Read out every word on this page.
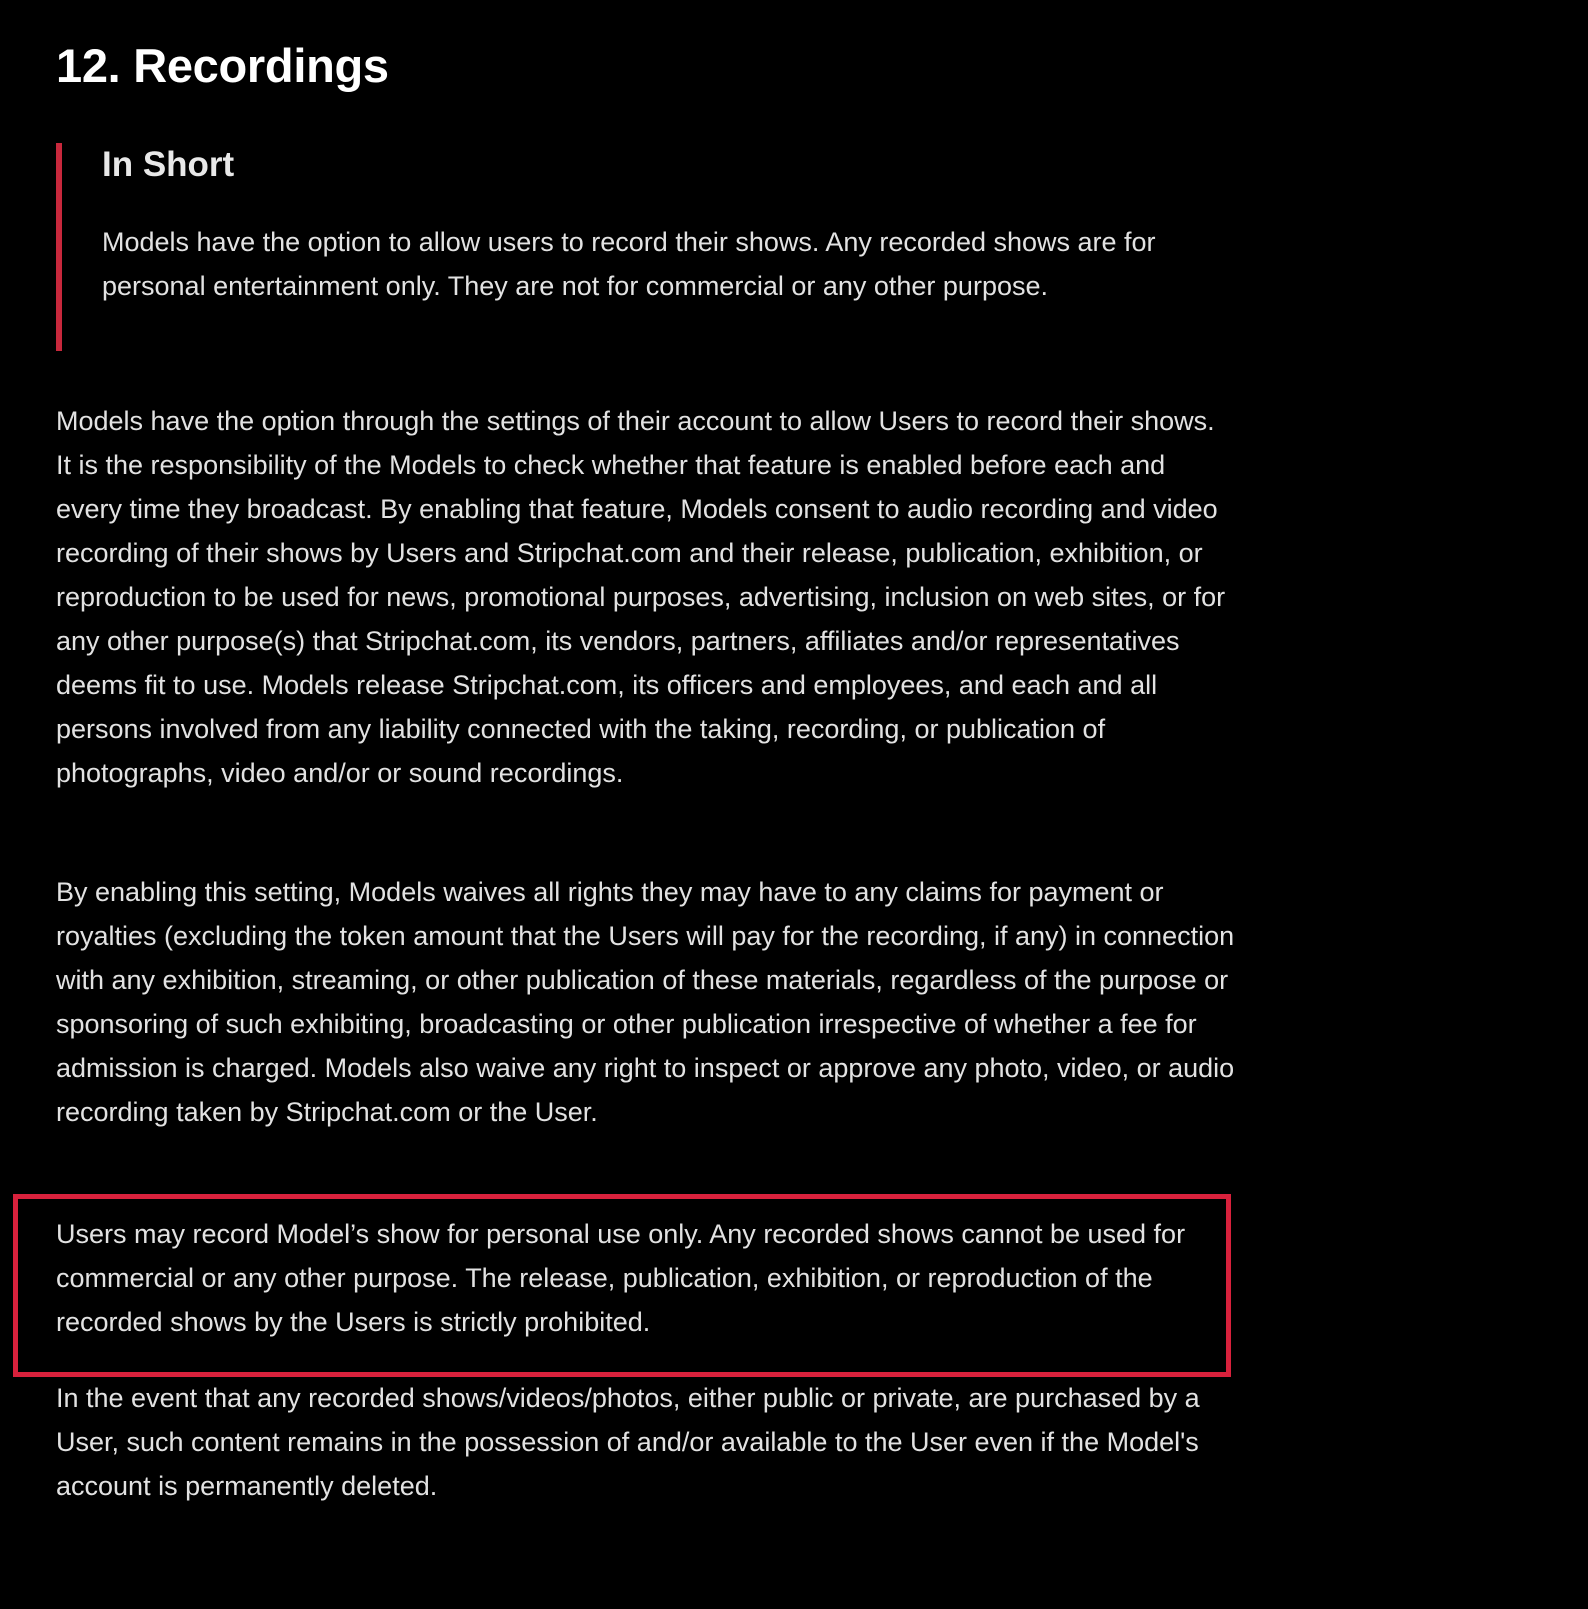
12. Recordings
In Short

Models have the option to allow users to record their shows. Any recorded shows are for personal entertainment only. They are not for commercial or any other purpose.

Models have the option through the settings of their account to allow Users to record their shows. It is the responsibility of the Models to check whether that feature is enabled before each and every time they broadcast. By enabling that feature, Models consent to audio recording and video recording of their shows by Users and Stripchat.com and their release, publication, exhibition, or reproduction to be used for news, promotional purposes, advertising, inclusion on web sites, or for any other purpose(s) that Stripchat.com, its vendors, partners, affiliates and/or representatives deems fit to use. Models release Stripchat.com, its officers and employees, and each and all persons involved from any liability connected with the taking, recording, or publication of photographs, video and/or or sound recordings.

By enabling this setting, Models waives all rights they may have to any claims for payment or royalties (excluding the token amount that the Users will pay for the recording, if any) in connection with any exhibition, streaming, or other publication of these materials, regardless of the purpose or sponsoring of such exhibiting, broadcasting or other publication irrespective of whether a fee for admission is charged. Models also waive any right to inspect or approve any photo, video, or audio recording taken by Stripchat.com or the User.

Users may record Model’s show for personal use only. Any recorded shows cannot be used for commercial or any other purpose. The release, publication, exhibition, or reproduction of the recorded shows by the Users is strictly prohibited.

In the event that any recorded shows/videos/photos, either public or private, are purchased by a User, such content remains in the possession of and/or available to the User even if the Model's account is permanently deleted.
